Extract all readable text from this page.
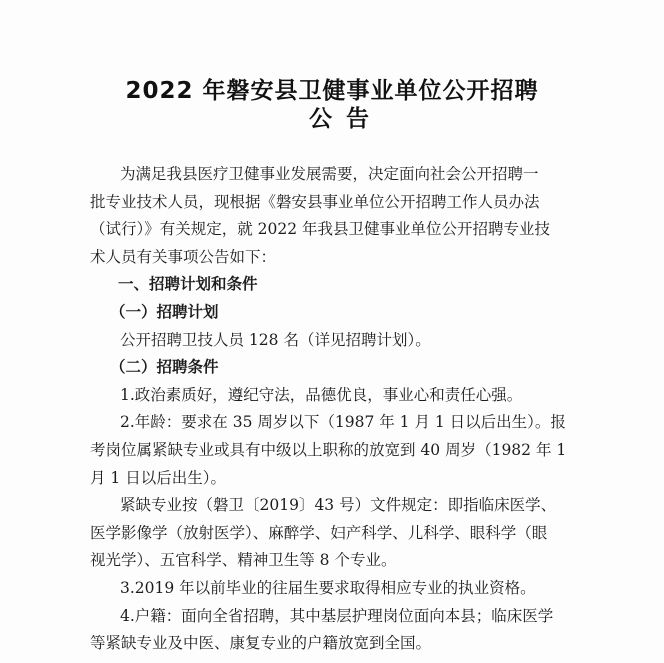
2022 年磐安县卫健事业单位公开招聘
公告
为满足我县医疗卫健事业发展需要，决定面向社会公开招聘一
批专业技术人员，现根据《磐安县事业单位公开招聘工作人员办法
（试行）》有关规定，就 2022 年我县卫健事业单位公开招聘专业技
术人员有关事项公告如下：
一、招聘计划和条件
（一）招聘计划
公开招聘卫技人员 128 名（详见招聘计划）。
（二）招聘条件
1.政治素质好，遵纪守法，品德优良，事业心和责任心强。
2.年龄：要求在 35 周岁以下（1987 年 1 月 1 日以后出生）。报
考岗位属紧缺专业或具有中级以上职称的放宽到 40 周岁（1982 年 1
月 1 日以后出生）。
紧缺专业按（磐卫〔2019〕43 号）文件规定：即指临床医学、
医学影像学（放射医学）、麻醉学、妇产科学、儿科学、眼科学（眼
视光学）、五官科学、精神卫生等 8 个专业。
3.2019 年以前毕业的往届生要求取得相应专业的执业资格。
4.户籍：面向全省招聘，其中基层护理岗位面向本县；临床医学
等紧缺专业及中医、康复专业的户籍放宽到全国。
